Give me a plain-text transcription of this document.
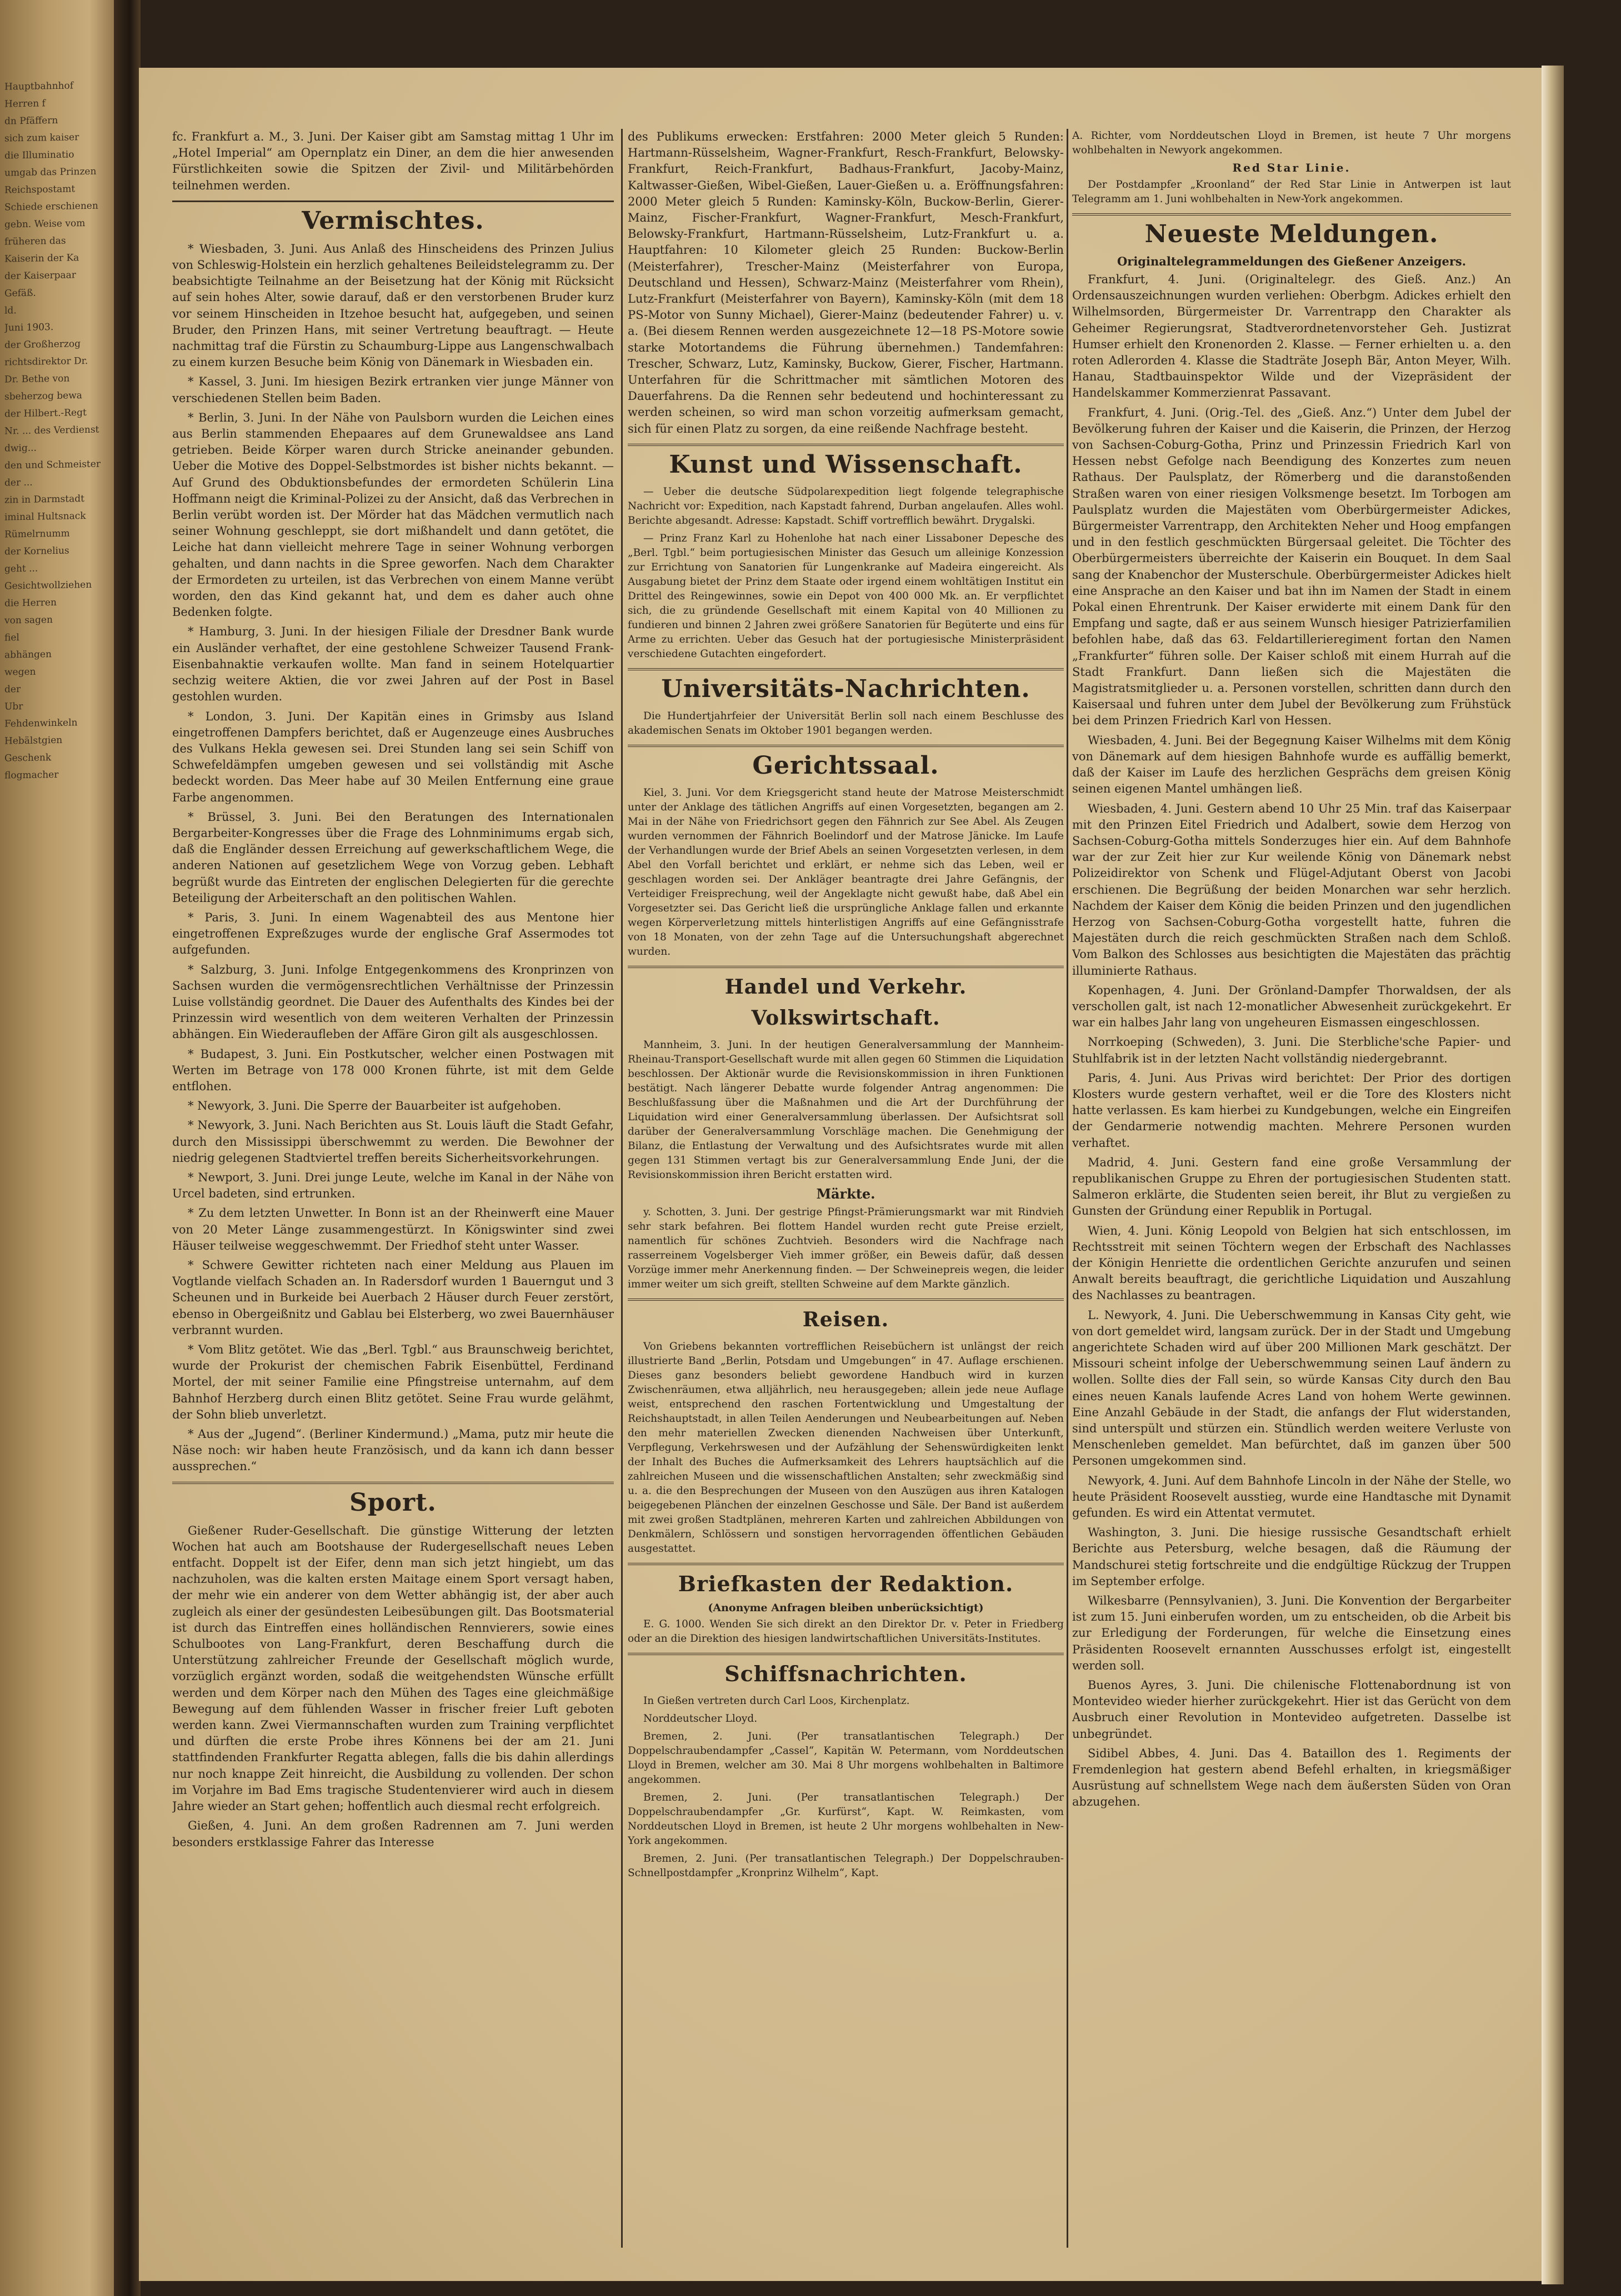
Hauptbahnhof
Herren f
dn Pfäffern
sich zum kaiser
die Illuminatio
umgab das Prinzen
Reichspostamt
Schiede erschienen
gebn. Weise vom
früheren das
Kaiserin der Ka
der Kaiserpaar
Gefäß.
ld.
Juni 1903.
der Großherzog
richtsdirektor Dr.
Dr. Bethe von
sbeherzog bewa
der Hilbert.-Regt
Nr. ... des Verdienst
dwig...
den und Schmeister
der ...
zin in Darmstadt
iminal Hultsnack
Rümelrnumm
der Kornelius
geht ...
Gesichtwollziehen
die Herren
von sagen
fiel
abhängen
wegen
der
Ubr
Fehdenwinkeln
Hebälstgien
Geschenk
flogmacher

fc. Frankfurt a. M., 3. Juni. Der Kaiser gibt am Samstag mittag 1 Uhr im „Hotel Imperial“ am Opernplatz ein Diner, an dem die hier anwesenden Fürstlichkeiten sowie die Spitzen der Zivil- und Militärbehörden teilnehmen werden.

Vermischtes.

* Wiesbaden, 3. Juni. Aus Anlaß des Hinscheidens des Prinzen Julius von Schleswig-Holstein ein herzlich gehaltenes Beileidstelegramm zu. Der beabsichtigte Teilnahme an der Beisetzung hat der König mit Rücksicht auf sein hohes Alter, sowie darauf, daß er den verstorbenen Bruder kurz vor seinem Hinscheiden in Itzehoe besucht hat, aufgegeben, und seinen Bruder, den Prinzen Hans, mit seiner Vertretung beauftragt. — Heute nachmittag traf die Fürstin zu Schaumburg-Lippe aus Langenschwalbach zu einem kurzen Besuche beim König von Dänemark in Wiesbaden ein.

* Kassel, 3. Juni. Im hiesigen Bezirk ertranken vier junge Männer von verschiedenen Stellen beim Baden.

* Berlin, 3. Juni. In der Nähe von Paulsborn wurden die Leichen eines aus Berlin stammenden Ehepaares auf dem Grunewaldsee ans Land getrieben. Beide Körper waren durch Stricke aneinander gebunden. Ueber die Motive des Doppel-Selbstmordes ist bisher nichts bekannt. — Auf Grund des Obduktionsbefundes der ermordeten Schülerin Lina Hoffmann neigt die Kriminal-Polizei zu der Ansicht, daß das Verbrechen in Berlin verübt worden ist. Der Mörder hat das Mädchen vermutlich nach seiner Wohnung geschleppt, sie dort mißhandelt und dann getötet, die Leiche hat dann vielleicht mehrere Tage in seiner Wohnung verborgen gehalten, und dann nachts in die Spree geworfen. Nach dem Charakter der Ermordeten zu urteilen, ist das Verbrechen von einem Manne verübt worden, den das Kind gekannt hat, und dem es daher auch ohne Bedenken folgte.

* Hamburg, 3. Juni. In der hiesigen Filiale der Dresdner Bank wurde ein Ausländer verhaftet, der eine gestohlene Schweizer Tausend Frank-Eisenbahnaktie verkaufen wollte. Man fand in seinem Hotelquartier sechzig weitere Aktien, die vor zwei Jahren auf der Post in Basel gestohlen wurden.

* London, 3. Juni. Der Kapitän eines in Grimsby aus Island eingetroffenen Dampfers berichtet, daß er Augenzeuge eines Ausbruches des Vulkans Hekla gewesen sei. Drei Stunden lang sei sein Schiff von Schwefeldämpfen umgeben gewesen und sei vollständig mit Asche bedeckt worden. Das Meer habe auf 30 Meilen Entfernung eine graue Farbe angenommen.

* Brüssel, 3. Juni. Bei den Beratungen des Internationalen Bergarbeiter-Kongresses über die Frage des Lohnminimums ergab sich, daß die Engländer dessen Erreichung auf gewerkschaftlichem Wege, die anderen Nationen auf gesetzlichem Wege von Vorzug geben. Lebhaft begrüßt wurde das Eintreten der englischen Delegierten für die gerechte Beteiligung der Arbeiterschaft an den politischen Wahlen.

* Paris, 3. Juni. In einem Wagenabteil des aus Mentone hier eingetroffenen Expreßzuges wurde der englische Graf Assermodes tot aufgefunden.

* Salzburg, 3. Juni. Infolge Entgegenkommens des Kronprinzen von Sachsen wurden die vermögensrechtlichen Verhältnisse der Prinzessin Luise vollständig geordnet. Die Dauer des Aufenthalts des Kindes bei der Prinzessin wird wesentlich von dem weiteren Verhalten der Prinzessin abhängen. Ein Wiederaufleben der Affäre Giron gilt als ausgeschlossen.

* Budapest, 3. Juni. Ein Postkutscher, welcher einen Postwagen mit Werten im Betrage von 178 000 Kronen führte, ist mit dem Gelde entflohen.

* Newyork, 3. Juni. Die Sperre der Bauarbeiter ist aufgehoben.

* Newyork, 3. Juni. Nach Berichten aus St. Louis läuft die Stadt Gefahr, durch den Mississippi überschwemmt zu werden. Die Bewohner der niedrig gelegenen Stadtviertel treffen bereits Sicherheitsvorkehrungen.

* Newport, 3. Juni. Drei junge Leute, welche im Kanal in der Nähe von Urcel badeten, sind ertrunken.

* Zu dem letzten Unwetter. In Bonn ist an der Rheinwerft eine Mauer von 20 Meter Länge zusammengestürzt. In Königswinter sind zwei Häuser teilweise weggeschwemmt. Der Friedhof steht unter Wasser.

* Schwere Gewitter richteten nach einer Meldung aus Plauen im Vogtlande vielfach Schaden an. In Radersdorf wurden 1 Bauerngut und 3 Scheunen und in Burkeide bei Auerbach 2 Häuser durch Feuer zerstört, ebenso in Obergeißnitz und Gablau bei Elsterberg, wo zwei Bauernhäuser verbrannt wurden.

* Vom Blitz getötet. Wie das „Berl. Tgbl.“ aus Braunschweig berichtet, wurde der Prokurist der chemischen Fabrik Eisenbüttel, Ferdinand Mortel, der mit seiner Familie eine Pfingstreise unternahm, auf dem Bahnhof Herzberg durch einen Blitz getötet. Seine Frau wurde gelähmt, der Sohn blieb unverletzt.

* Aus der „Jugend“. (Berliner Kindermund.) „Mama, putz mir heute die Näse noch: wir haben heute Französisch, und da kann ich dann besser aussprechen.“

Sport.

Gießener Ruder-Gesellschaft. Die günstige Witterung der letzten Wochen hat auch am Bootshause der Rudergesellschaft neues Leben entfacht. Doppelt ist der Eifer, denn man sich jetzt hingiebt, um das nachzuholen, was die kalten ersten Maitage einem Sport versagt haben, der mehr wie ein anderer von dem Wetter abhängig ist, der aber auch zugleich als einer der gesündesten Leibesübungen gilt. Das Bootsmaterial ist durch das Eintreffen eines holländischen Rennvierers, sowie eines Schulbootes von Lang-Frankfurt, deren Beschaffung durch die Unterstützung zahlreicher Freunde der Gesellschaft möglich wurde, vorzüglich ergänzt worden, sodaß die weitgehendsten Wünsche erfüllt werden und dem Körper nach den Mühen des Tages eine gleichmäßige Bewegung auf dem fühlenden Wasser in frischer freier Luft geboten werden kann. Zwei Viermannschaften wurden zum Training verpflichtet und dürften die erste Probe ihres Könnens bei der am 21. Juni stattfindenden Frankfurter Regatta ablegen, falls die bis dahin allerdings nur noch knappe Zeit hinreicht, die Ausbildung zu vollenden. Der schon im Vorjahre im Bad Ems tragische Studentenvierer wird auch in diesem Jahre wieder an Start gehen; hoffentlich auch diesmal recht erfolgreich.

Gießen, 4. Juni. An dem großen Radrennen am 7. Juni werden besonders erstklassige Fahrer das Interesse

des Publikums erwecken: Erstfahren: 2000 Meter gleich 5 Runden: Hartmann-Rüsselsheim, Wagner-Frankfurt, Resch-Frankfurt, Belowsky-Frankfurt, Reich-Frankfurt, Badhaus-Frankfurt, Jacoby-Mainz, Kaltwasser-Gießen, Wibel-Gießen, Lauer-Gießen u. a. Eröffnungsfahren: 2000 Meter gleich 5 Runden: Kaminsky-Köln, Buckow-Berlin, Gierer-Mainz, Fischer-Frankfurt, Wagner-Frankfurt, Mesch-Frankfurt, Belowsky-Frankfurt, Hartmann-Rüsselsheim, Lutz-Frankfurt u. a. Hauptfahren: 10 Kilometer gleich 25 Runden: Buckow-Berlin (Meisterfahrer), Trescher-Mainz (Meisterfahrer von Europa, Deutschland und Hessen), Schwarz-Mainz (Meisterfahrer vom Rhein), Lutz-Frankfurt (Meisterfahrer von Bayern), Kaminsky-Köln (mit dem 18 PS-Motor von Sunny Michael), Gierer-Mainz (bedeutender Fahrer) u. v. a. (Bei diesem Rennen werden ausgezeichnete 12—18 PS-Motore sowie starke Motortandems die Führung übernehmen.) Tandemfahren: Trescher, Schwarz, Lutz, Kaminsky, Buckow, Gierer, Fischer, Hartmann. Unterfahren für die Schrittmacher mit sämtlichen Motoren des Dauerfahrens. Da die Rennen sehr bedeutend und hochinteressant zu werden scheinen, so wird man schon vorzeitig aufmerksam gemacht, sich für einen Platz zu sorgen, da eine reißende Nachfrage besteht.

Kunst und Wissenschaft.

— Ueber die deutsche Südpolarexpedition liegt folgende telegraphische Nachricht vor: Expedition, nach Kapstadt fahrend, Durban angelaufen. Alles wohl. Berichte abgesandt. Adresse: Kapstadt. Schiff vortrefflich bewährt. Drygalski.

— Prinz Franz Karl zu Hohenlohe hat nach einer Lissaboner Depesche des „Berl. Tgbl.“ beim portugiesischen Minister das Gesuch um alleinige Konzession zur Errichtung von Sanatorien für Lungenkranke auf Madeira eingereicht. Als Ausgabung bietet der Prinz dem Staate oder irgend einem wohltätigen Institut ein Drittel des Reingewinnes, sowie ein Depot von 400 000 Mk. an. Er verpflichtet sich, die zu gründende Gesellschaft mit einem Kapital von 40 Millionen zu fundieren und binnen 2 Jahren zwei größere Sanatorien für Begüterte und eins für Arme zu errichten. Ueber das Gesuch hat der portugiesische Ministerpräsident verschiedene Gutachten eingefordert.

Universitäts-Nachrichten.

Die Hundertjahrfeier der Universität Berlin soll nach einem Beschlusse des akademischen Senats im Oktober 1901 begangen werden.

Gerichtssaal.

Kiel, 3. Juni. Vor dem Kriegsgericht stand heute der Matrose Meisterschmidt unter der Anklage des tätlichen Angriffs auf einen Vorgesetzten, begangen am 2. Mai in der Nähe von Friedrichsort gegen den Fähnrich zur See Abel. Als Zeugen wurden vernommen der Fähnrich Boelindorf und der Matrose Jänicke. Im Laufe der Verhandlungen wurde der Brief Abels an seinen Vorgesetzten verlesen, in dem Abel den Vorfall berichtet und erklärt, er nehme sich das Leben, weil er geschlagen worden sei. Der Ankläger beantragte drei Jahre Gefängnis, der Verteidiger Freisprechung, weil der Angeklagte nicht gewußt habe, daß Abel ein Vorgesetzter sei. Das Gericht ließ die ursprüngliche Anklage fallen und erkannte wegen Körperverletzung mittels hinterlistigen Angriffs auf eine Gefängnisstrafe von 18 Monaten, von der zehn Tage auf die Untersuchungshaft abgerechnet wurden.

Handel und Verkehr. Volkswirtschaft.

Mannheim, 3. Juni. In der heutigen Generalversammlung der Mannheim-Rheinau-Transport-Gesellschaft wurde mit allen gegen 60 Stimmen die Liquidation beschlossen. Der Aktionär wurde die Revisionskommission in ihren Funktionen bestätigt. Nach längerer Debatte wurde folgender Antrag angenommen: Die Beschlußfassung über die Maßnahmen und die Art der Durchführung der Liquidation wird einer Generalversammlung überlassen. Der Aufsichtsrat soll darüber der Generalversammlung Vorschläge machen. Die Genehmigung der Bilanz, die Entlastung der Verwaltung und des Aufsichtsrates wurde mit allen gegen 131 Stimmen vertagt bis zur Generalversammlung Ende Juni, der die Revisionskommission ihren Bericht erstatten wird.

Märkte.

y. Schotten, 3. Juni. Der gestrige Pfingst-Prämierungsmarkt war mit Rindvieh sehr stark befahren. Bei flottem Handel wurden recht gute Preise erzielt, namentlich für schönes Zuchtvieh. Besonders wird die Nachfrage nach rasserreinem Vogelsberger Vieh immer größer, ein Beweis dafür, daß dessen Vorzüge immer mehr Anerkennung finden. — Der Schweinepreis wegen, die leider immer weiter um sich greift, stellten Schweine auf dem Markte gänzlich.

Reisen.

Von Griebens bekannten vortrefflichen Reisebüchern ist unlängst der reich illustrierte Band „Berlin, Potsdam und Umgebungen“ in 47. Auflage erschienen. Dieses ganz besonders beliebt gewordene Handbuch wird in kurzen Zwischenräumen, etwa alljährlich, neu herausgegeben; allein jede neue Auflage weist, entsprechend den raschen Fortentwicklung und Umgestaltung der Reichshauptstadt, in allen Teilen Aenderungen und Neubearbeitungen auf. Neben den mehr materiellen Zwecken dienenden Nachweisen über Unterkunft, Verpflegung, Verkehrswesen und der Aufzählung der Sehenswürdigkeiten lenkt der Inhalt des Buches die Aufmerksamkeit des Lehrers hauptsächlich auf die zahlreichen Museen und die wissenschaftlichen Anstalten; sehr zweckmäßig sind u. a. die den Besprechungen der Museen von den Auszügen aus ihren Katalogen beigegebenen Plänchen der einzelnen Geschosse und Säle. Der Band ist außerdem mit zwei großen Stadtplänen, mehreren Karten und zahlreichen Abbildungen von Denkmälern, Schlössern und sonstigen hervorragenden öffentlichen Gebäuden ausgestattet.

Briefkasten der Redaktion.
(Anonyme Anfragen bleiben unberücksichtigt)

E. G. 1000. Wenden Sie sich direkt an den Direktor Dr. v. Peter in Friedberg oder an die Direktion des hiesigen landwirtschaftlichen Universitäts-Institutes.

Schiffsnachrichten.

In Gießen vertreten durch Carl Loos, Kirchenplatz.

Norddeutscher Lloyd.

Bremen, 2. Juni. (Per transatlantischen Telegraph.) Der Doppelschraubendampfer „Cassel“, Kapitän W. Petermann, vom Norddeutschen Lloyd in Bremen, welcher am 30. Mai 8 Uhr morgens wohlbehalten in Baltimore angekommen.

Bremen, 2. Juni. (Per transatlantischen Telegraph.) Der Doppelschraubendampfer „Gr. Kurfürst“, Kapt. W. Reimkasten, vom Norddeutschen Lloyd in Bremen, ist heute 2 Uhr morgens wohlbehalten in New-York angekommen.

Bremen, 2. Juni. (Per transatlantischen Telegraph.) Der Doppelschrauben-Schnellpostdampfer „Kronprinz Wilhelm“, Kapt.

A. Richter, vom Norddeutschen Lloyd in Bremen, ist heute 7 Uhr morgens wohlbehalten in Newyork angekommen.

Red Star Linie.

Der Postdampfer „Kroonland“ der Red Star Linie in Antwerpen ist laut Telegramm am 1. Juni wohlbehalten in New-York angekommen.

Neueste Meldungen.
Originaltelegrammeldungen des Gießener Anzeigers.

Frankfurt, 4. Juni. (Originaltelegr. des Gieß. Anz.) An Ordensauszeichnungen wurden verliehen: Oberbgm. Adickes erhielt den Wilhelmsorden, Bürgermeister Dr. Varrentrapp den Charakter als Geheimer Regierungsrat, Stadtverordnetenvorsteher Geh. Justizrat Humser erhielt den Kronenorden 2. Klasse. — Ferner erhielten u. a. den roten Adlerorden 4. Klasse die Stadträte Joseph Bär, Anton Meyer, Wilh. Hanau, Stadtbauinspektor Wilde und der Vizepräsident der Handelskammer Kommerzienrat Passavant.

Frankfurt, 4. Juni. (Orig.-Tel. des „Gieß. Anz.“) Unter dem Jubel der Bevölkerung fuhren der Kaiser und die Kaiserin, die Prinzen, der Herzog von Sachsen-Coburg-Gotha, Prinz und Prinzessin Friedrich Karl von Hessen nebst Gefolge nach Beendigung des Konzertes zum neuen Rathaus. Der Paulsplatz, der Römerberg und die daranstoßenden Straßen waren von einer riesigen Volksmenge besetzt. Im Torbogen am Paulsplatz wurden die Majestäten vom Oberbürgermeister Adickes, Bürgermeister Varrentrapp, den Architekten Neher und Hoog empfangen und in den festlich geschmückten Bürgersaal geleitet. Die Töchter des Oberbürgermeisters überreichte der Kaiserin ein Bouquet. In dem Saal sang der Knabenchor der Musterschule. Oberbürgermeister Adickes hielt eine Ansprache an den Kaiser und bat ihn im Namen der Stadt in einem Pokal einen Ehrentrunk. Der Kaiser erwiderte mit einem Dank für den Empfang und sagte, daß er aus seinem Wunsch hiesiger Patrizierfamilien befohlen habe, daß das 63. Feldartillerieregiment fortan den Namen „Frankfurter“ führen solle. Der Kaiser schloß mit einem Hurrah auf die Stadt Frankfurt. Dann ließen sich die Majestäten die Magistratsmitglieder u. a. Personen vorstellen, schritten dann durch den Kaisersaal und fuhren unter dem Jubel der Bevölkerung zum Frühstück bei dem Prinzen Friedrich Karl von Hessen.

Wiesbaden, 4. Juni. Bei der Begegnung Kaiser Wilhelms mit dem König von Dänemark auf dem hiesigen Bahnhofe wurde es auffällig bemerkt, daß der Kaiser im Laufe des herzlichen Gesprächs dem greisen König seinen eigenen Mantel umhängen ließ.

Wiesbaden, 4. Juni. Gestern abend 10 Uhr 25 Min. traf das Kaiserpaar mit den Prinzen Eitel Friedrich und Adalbert, sowie dem Herzog von Sachsen-Coburg-Gotha mittels Sonderzuges hier ein. Auf dem Bahnhofe war der zur Zeit hier zur Kur weilende König von Dänemark nebst Polizeidirektor von Schenk und Flügel-Adjutant Oberst von Jacobi erschienen. Die Begrüßung der beiden Monarchen war sehr herzlich. Nachdem der Kaiser dem König die beiden Prinzen und den jugendlichen Herzog von Sachsen-Coburg-Gotha vorgestellt hatte, fuhren die Majestäten durch die reich geschmückten Straßen nach dem Schloß. Vom Balkon des Schlosses aus besichtigten die Majestäten das prächtig illuminierte Rathaus.

Kopenhagen, 4. Juni. Der Grönland-Dampfer Thorwaldsen, der als verschollen galt, ist nach 12-monatlicher Abwesenheit zurückgekehrt. Er war ein halbes Jahr lang von ungeheuren Eismassen eingeschlossen.

Norrkoeping (Schweden), 3. Juni. Die Sterbliche'sche Papier- und Stuhlfabrik ist in der letzten Nacht vollständig niedergebrannt.

Paris, 4. Juni. Aus Privas wird berichtet: Der Prior des dortigen Klosters wurde gestern verhaftet, weil er die Tore des Klosters nicht hatte verlassen. Es kam hierbei zu Kundgebungen, welche ein Eingreifen der Gendarmerie notwendig machten. Mehrere Personen wurden verhaftet.

Madrid, 4. Juni. Gestern fand eine große Versammlung der republikanischen Gruppe zu Ehren der portugiesischen Studenten statt. Salmeron erklärte, die Studenten seien bereit, ihr Blut zu vergießen zu Gunsten der Gründung einer Republik in Portugal.

Wien, 4. Juni. König Leopold von Belgien hat sich entschlossen, im Rechtsstreit mit seinen Töchtern wegen der Erbschaft des Nachlasses der Königin Henriette die ordentlichen Gerichte anzurufen und seinen Anwalt bereits beauftragt, die gerichtliche Liquidation und Auszahlung des Nachlasses zu beantragen.

L. Newyork, 4. Juni. Die Ueberschwemmung in Kansas City geht, wie von dort gemeldet wird, langsam zurück. Der in der Stadt und Umgebung angerichtete Schaden wird auf über 200 Millionen Mark geschätzt. Der Missouri scheint infolge der Ueberschwemmung seinen Lauf ändern zu wollen. Sollte dies der Fall sein, so würde Kansas City durch den Bau eines neuen Kanals laufende Acres Land von hohem Werte gewinnen. Eine Anzahl Gebäude in der Stadt, die anfangs der Flut widerstanden, sind unterspült und stürzen ein. Stündlich werden weitere Verluste von Menschenleben gemeldet. Man befürchtet, daß im ganzen über 500 Personen umgekommen sind.

Newyork, 4. Juni. Auf dem Bahnhofe Lincoln in der Nähe der Stelle, wo heute Präsident Roosevelt ausstieg, wurde eine Handtasche mit Dynamit gefunden. Es wird ein Attentat vermutet.

Washington, 3. Juni. Die hiesige russische Gesandtschaft erhielt Berichte aus Petersburg, welche besagen, daß die Räumung der Mandschurei stetig fortschreite und die endgültige Rückzug der Truppen im September erfolge.

Wilkesbarre (Pennsylvanien), 3. Juni. Die Konvention der Bergarbeiter ist zum 15. Juni einberufen worden, um zu entscheiden, ob die Arbeit bis zur Erledigung der Forderungen, für welche die Einsetzung eines Präsidenten Roosevelt ernannten Ausschusses erfolgt ist, eingestellt werden soll.

Buenos Ayres, 3. Juni. Die chilenische Flottenabordnung ist von Montevideo wieder hierher zurückgekehrt. Hier ist das Gerücht von dem Ausbruch einer Revolution in Montevideo aufgetreten. Dasselbe ist unbegründet.

Sidibel Abbes, 4. Juni. Das 4. Bataillon des 1. Regiments der Fremdenlegion hat gestern abend Befehl erhalten, in kriegsmäßiger Ausrüstung auf schnellstem Wege nach dem äußersten Süden von Oran abzugehen.
